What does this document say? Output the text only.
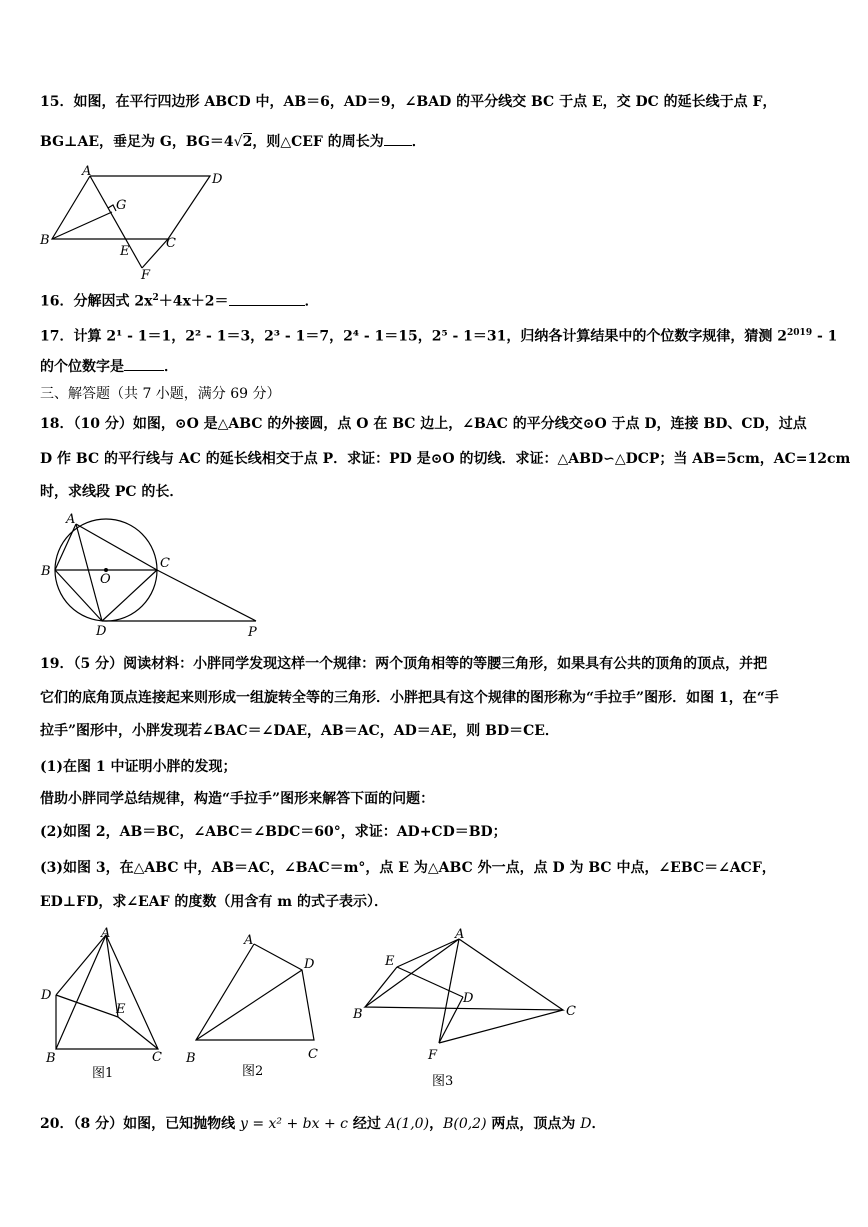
15．如图，在平行四边形 ABCD 中，AB＝6，AD＝9，∠BAD 的平分线交 BC 于点 E，交 DC 的延长线于点 F，
BG⊥AE，垂足为 G，BG＝4√2，则△CEF 的周长为 ．
A
D
G
B
E
C
F
16．分解因式 $2x^2+4x+2=$	．
17．计算 2¹ - 1＝1，2² - 1＝3，2³ - 1＝7，2⁴ - 1＝15，2⁵ - 1＝31，归纳各计算结果中的个位数字规律，猜测 $2^{2019} - 1$
的个位数字是	．
三、解答题（共 7 小题，满分 69 分）
18．（10 分）如图，⊙O 是△ABC 的外接圆，点 O 在 BC 边上，∠BAC 的平分线交⊙O 于点 D，连接 BD、CD，过点
D 作 BC 的平行线与 AC 的延长线相交于点 P．求证：PD 是⊙O 的切线．求证：△ABD∽△DCP；当 AB=5cm，AC=12cm
时，求线段 PC 的长．
A
B
O
C
D	P
19．（5 分）阅读材料：小胖同学发现这样一个规律：两个顶角相等的等腰三角形，如果具有公共的顶角的顶点，并把
它们的底角顶点连接起来则形成一组旋转全等的三角形．小胖把具有这个规律的图形称为“手拉手”图形．如图 1，在“手
拉手”图形中，小胖发现若∠BAC＝∠DAE，AB＝AC，AD＝AE，则 BD＝CE．
(1)在图 1 中证明小胖的发现；
借助小胖同学总结规律，构造“手拉手”图形来解答下面的问题：
(2)如图 2，AB＝BC，∠ABC＝∠BDC＝60°，求证：AD+CD＝BD；
(3)如图 3，在△ABC 中，AB＝AC，∠BAC＝m°，点 E 为△ABC 外一点，点 D 为 BC 中点，∠EBC＝∠ACF，
ED⊥FD，求∠EAF 的度数（用含有 m 的式子表示）．
A
D
E
B	C
图1
A
D
B	C
图2
A
E
D
B	C
F
图3
20．（8 分）如图，已知抛物线 y = x² + bx + c 经过 A(1,0)，B(0,2) 两点，顶点为 D．
